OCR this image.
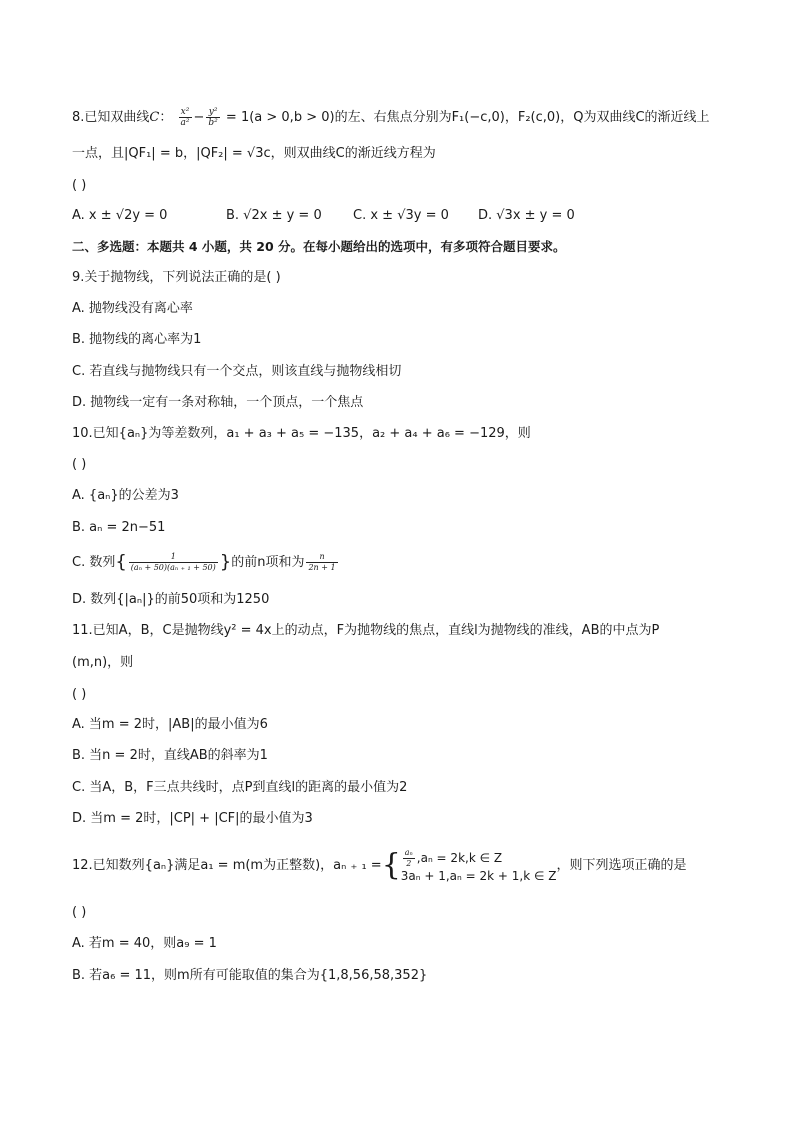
8.已知双曲线C： $\frac{\text{x²}}{\text{a²}} - \frac{\text{y²}}{\text{b²}} = 1(a > 0,b > 0)$的左、右焦点分别为F₁(−c,0)，F₂(c,0)，Q为双曲线C的渐近线上
一点，且|QF₁| = b，|QF₂| = √3c，则双曲线C的渐近线方程为
( )
A. x ± √2y = 0	B. √2x ± y = 0 C. x ± √3y = 0 D. √3x ± y = 0
二、多选题：本题共 4 小题，共 20 分。在每小题给出的选项中，有多项符合题目要求。
9.关于抛物线，下列说法正确的是( )
A. 抛物线没有离心率
B. 抛物线的离心率为1
C. 若直线与抛物线只有一个交点，则该直线与抛物线相切
D. 抛物线一定有一条对称轴，一个顶点，一个焦点
10.已知{aₙ}为等差数列，a₁ + a₃ + a₅ = −135，a₂ + a₄ + a₆ = −129，则
( )
A. {aₙ}的公差为3
B. aₙ = 2n−51
C. 数列{ $\frac{1}{\text{(aₙ + 50)(aₙ ₊ ₁ + 50)}}$ }的前n项和为 $\frac{n}{2n + 1}$
D. 数列{|aₙ|}的前50项和为1250
11.已知A，B，C是抛物线y² = 4x上的动点，F为抛物线的焦点，直线l为抛物线的准线，AB的中点为P
(m,n)，则
( )
A. 当m = 2时，|AB|的最小值为6
B. 当n = 2时，直线AB的斜率为1
C. 当A，B，F三点共线时，点P到直线l的距离的最小值为2
D. 当m = 2时，|CP| + |CF|的最小值为3
12.已知数列{aₙ}满足a₁ = m(m为正整数)，aₙ ₊ ₁ ={ $\frac{\text{aₙ}}{2} ,a_n = 2k,k$ ∈ Z
3aₙ + 1,aₙ = 2k + 1,k ∈ Z
，则下列选项正确的是
( )
A. 若m = 40，则a₉ = 1
B. 若a₆ = 11，则m所有可能取值的集合为{1,8,56,58,352}
